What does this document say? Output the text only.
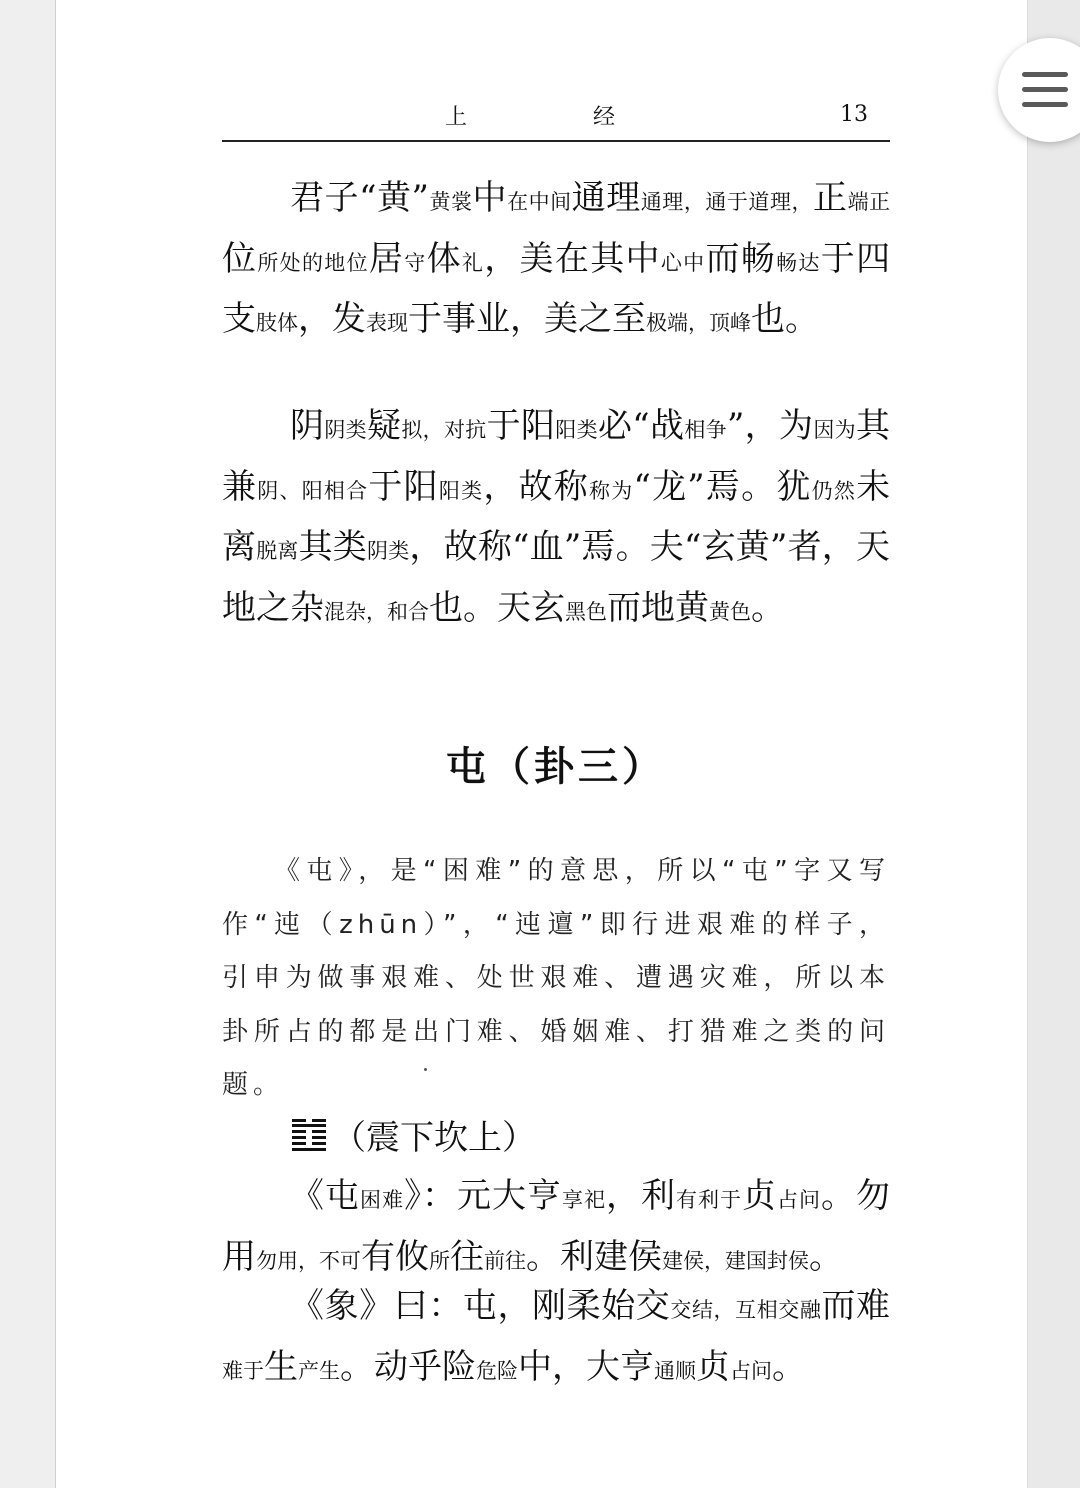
上　经	13
君子“黄”黄裳中在中间通理通理，通于道理，正端正位所处的地位居守体礼，美在其中心中而畅畅达于四支肢体，发表现于事业，美之至极端，顶峰也。
阴阴类疑拟，对抗于阳阳类必“战相争”，为因为其兼阴、阳相合于阳阳类，故称称为“龙”焉。犹仍然未离脱离其类阴类，故称“血”焉。夫“玄黄”者，天地之杂混杂，和合也。天玄黑色而地黄黄色。
屯（卦三）
《屯》，是“困难”的意思，所以“屯”字又写作“迍（zhūn）”，“迍邅”即行进艰难的样子，引申为做事艰难、处世艰难、遭遇灾难，所以本卦所占的都是出门难、婚姻难、打猎难之类的问题。
（震下坎上）
《屯困难》：元大亨享祀，利有利于贞占问。勿用勿用，不可有攸所往前往。利建侯建侯，建国封侯。
《象》曰：屯，刚柔始交交结，互相交融而难难于生产生。动乎险危险中，大亨通顺贞占问。
